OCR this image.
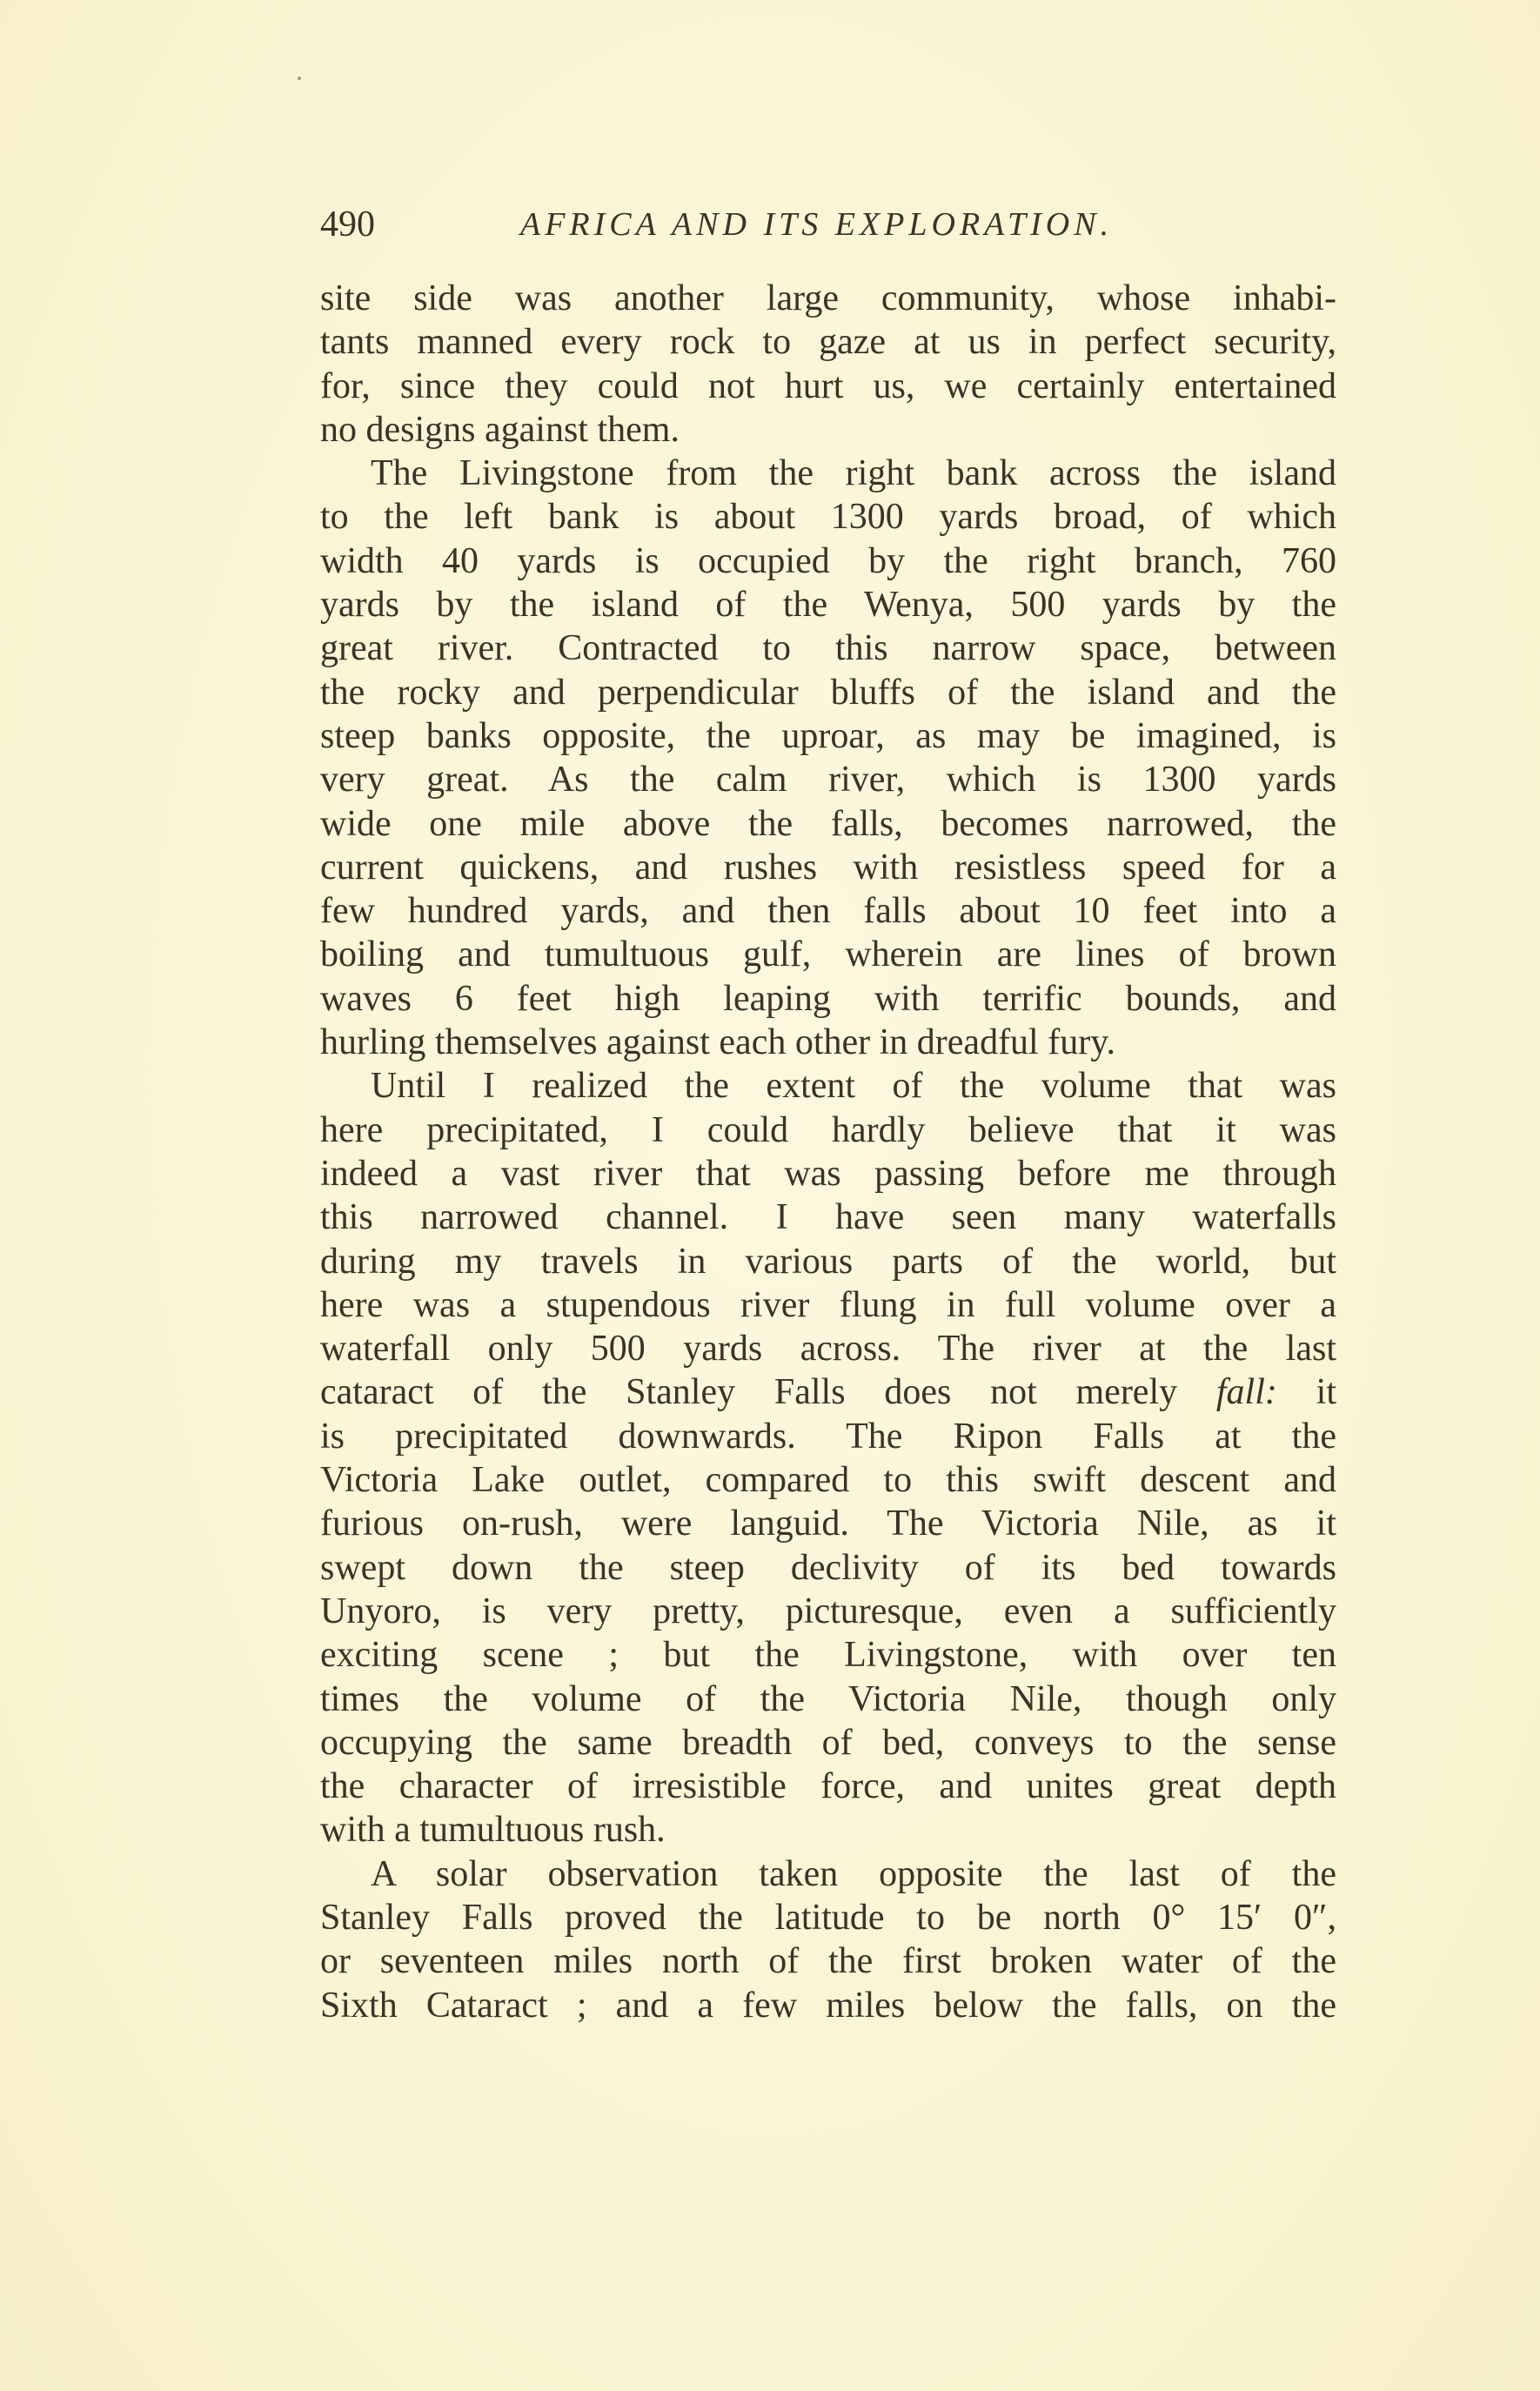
490	AFRICA AND ITS EXPLORATION.
site side was another large community, whose inhabi-
tants manned every rock to gaze at us in perfect security,
for, since they could not hurt us, we certainly entertained
no designs against them.
The Livingstone from the right bank across the island
to the left bank is about 1300 yards broad, of which
width 40 yards is occupied by the right branch, 760
yards by the island of the Wenya, 500 yards by the
great river. Contracted to this narrow space, between
the rocky and perpendicular bluffs of the island and the
steep banks opposite, the uproar, as may be imagined, is
very great. As the calm river, which is 1300 yards
wide one mile above the falls, becomes narrowed, the
current quickens, and rushes with resistless speed for a
few hundred yards, and then falls about 10 feet into a
boiling and tumultuous gulf, wherein are lines of brown
waves 6 feet high leaping with terrific bounds, and
hurling themselves against each other in dreadful fury.
Until I realized the extent of the volume that was
here precipitated, I could hardly believe that it was
indeed a vast river that was passing before me through
this narrowed channel. I have seen many waterfalls
during my travels in various parts of the world, but
here was a stupendous river flung in full volume over a
waterfall only 500 yards across. The river at the last
cataract of the Stanley Falls does not merely fall: it
is precipitated downwards. The Ripon Falls at the
Victoria Lake outlet, compared to this swift descent and
furious on-rush, were languid. The Victoria Nile, as it
swept down the steep declivity of its bed towards
Unyoro, is very pretty, picturesque, even a sufficiently
exciting scene ; but the Livingstone, with over ten
times the volume of the Victoria Nile, though only
occupying the same breadth of bed, conveys to the sense
the character of irresistible force, and unites great depth
with a tumultuous rush.
A solar observation taken opposite the last of the
Stanley Falls proved the latitude to be north 0° 15′ 0″,
or seventeen miles north of the first broken water of the
Sixth Cataract ; and a few miles below the falls, on the
